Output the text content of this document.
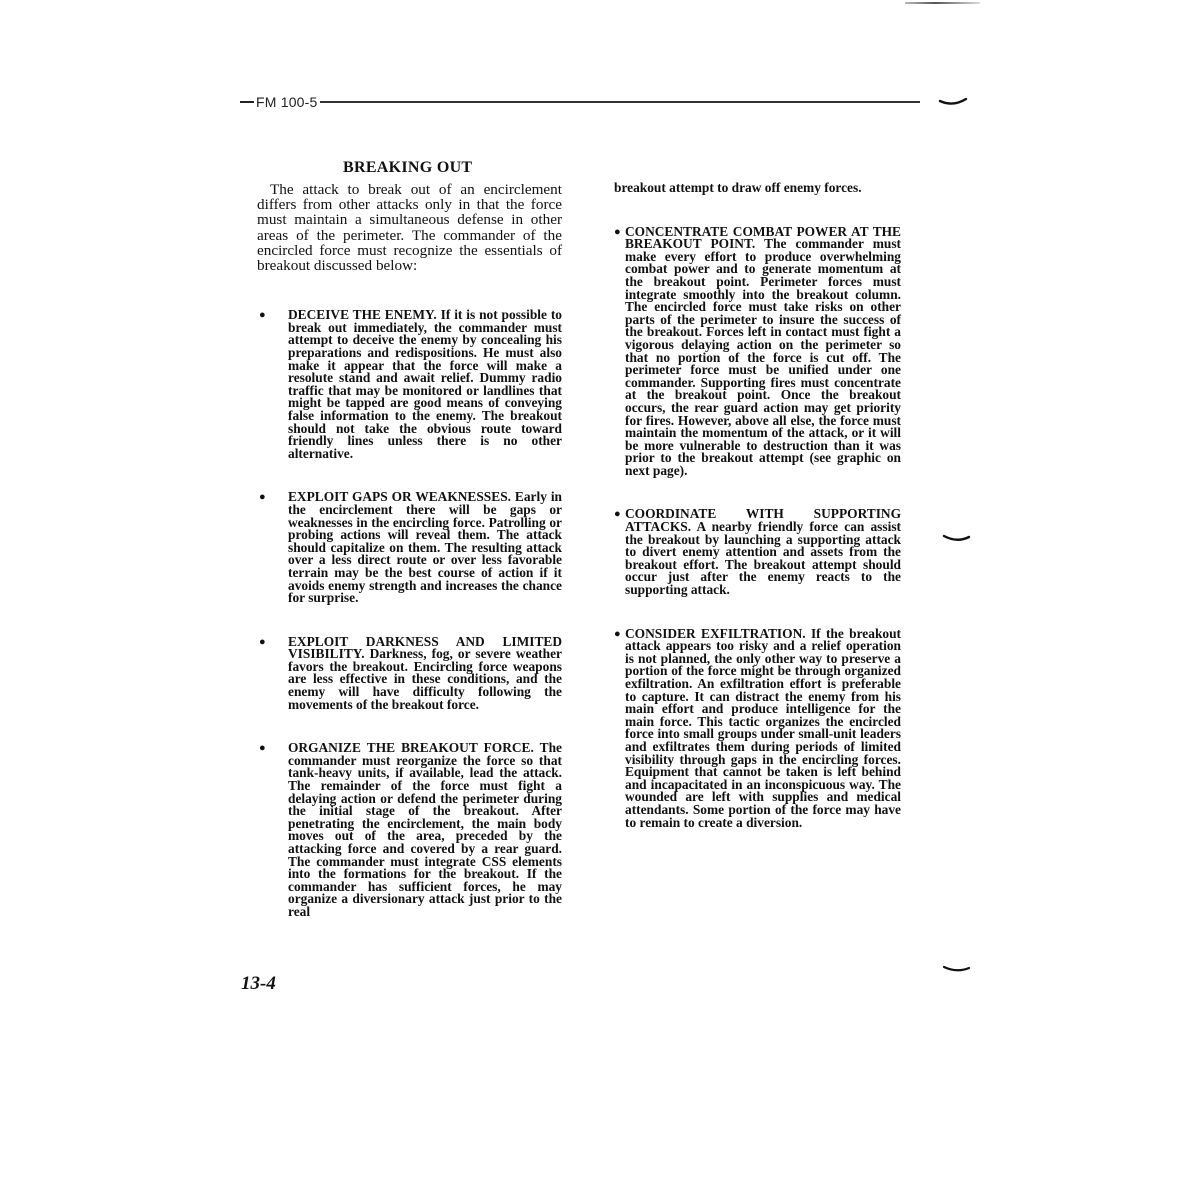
FM 100-5
BREAKING OUT

The attack to break out of an encirclement differs from other attacks only in that the force must maintain a simultaneous defense in other areas of the perimeter. The commander of the encircled force must recognize the essentials of breakout discussed below:

● DECEIVE THE ENEMY. If it is not possible to break out immediately, the commander must attempt to deceive the enemy by concealing his preparations and redispositions. He must also make it appear that the force will make a resolute stand and await relief. Dummy radio traffic that may be monitored or landlines that might be tapped are good means of conveying false information to the enemy. The breakout should not take the obvious route toward friendly lines unless there is no other alternative.

● EXPLOIT GAPS OR WEAKNESSES. Early in the encirclement there will be gaps or weaknesses in the encircling force. Patrolling or probing actions will reveal them. The attack should capitalize on them. The resulting attack over a less direct route or over less favorable terrain may be the best course of action if it avoids enemy strength and increases the chance for surprise.

● EXPLOIT DARKNESS AND LIMITED VISIBILITY. Darkness, fog, or severe weather favors the breakout. Encircling force weapons are less effective in these conditions, and the enemy will have difficulty following the movements of the breakout force.

● ORGANIZE THE BREAKOUT FORCE. The commander must reorganize the force so that tank-heavy units, if available, lead the attack. The remainder of the force must fight a delaying action or defend the perimeter during the initial stage of the breakout. After penetrating the encirclement, the main body moves out of the area, preceded by the attacking force and covered by a rear guard. The commander must integrate CSS elements into the formations for the breakout. If the commander has sufficient forces, he may organize a diversionary attack just prior to the real

breakout attempt to draw off enemy forces.

● CONCENTRATE COMBAT POWER AT THE BREAKOUT POINT. The commander must make every effort to produce overwhelming combat power and to generate momentum at the breakout point. Perimeter forces must integrate smoothly into the breakout column. The encircled force must take risks on other parts of the perimeter to insure the success of the breakout. Forces left in contact must fight a vigorous delaying action on the perimeter so that no portion of the force is cut off. The perimeter force must be unified under one commander. Supporting fires must concentrate at the breakout point. Once the breakout occurs, the rear guard action may get priority for fires. However, above all else, the force must maintain the momentum of the attack, or it will be more vulnerable to destruction than it was prior to the breakout attempt (see graphic on next page).

● COORDINATE WITH SUPPORTING ATTACKS. A nearby friendly force can assist the breakout by launching a supporting attack to divert enemy attention and assets from the breakout effort. The breakout attempt should occur just after the enemy reacts to the supporting attack.

● CONSIDER EXFILTRATION. If the breakout attack appears too risky and a relief operation is not planned, the only other way to preserve a portion of the force might be through organized exfiltration. An exfiltration effort is preferable to capture. It can distract the enemy from his main effort and produce intelligence for the main force. This tactic organizes the encircled force into small groups under small-unit leaders and exfiltrates them during periods of limited visibility through gaps in the encircling forces. Equipment that cannot be taken is left behind and incapacitated in an inconspicuous way. The wounded are left with supplies and medical attendants. Some portion of the force may have to remain to create a diversion.

13-4
